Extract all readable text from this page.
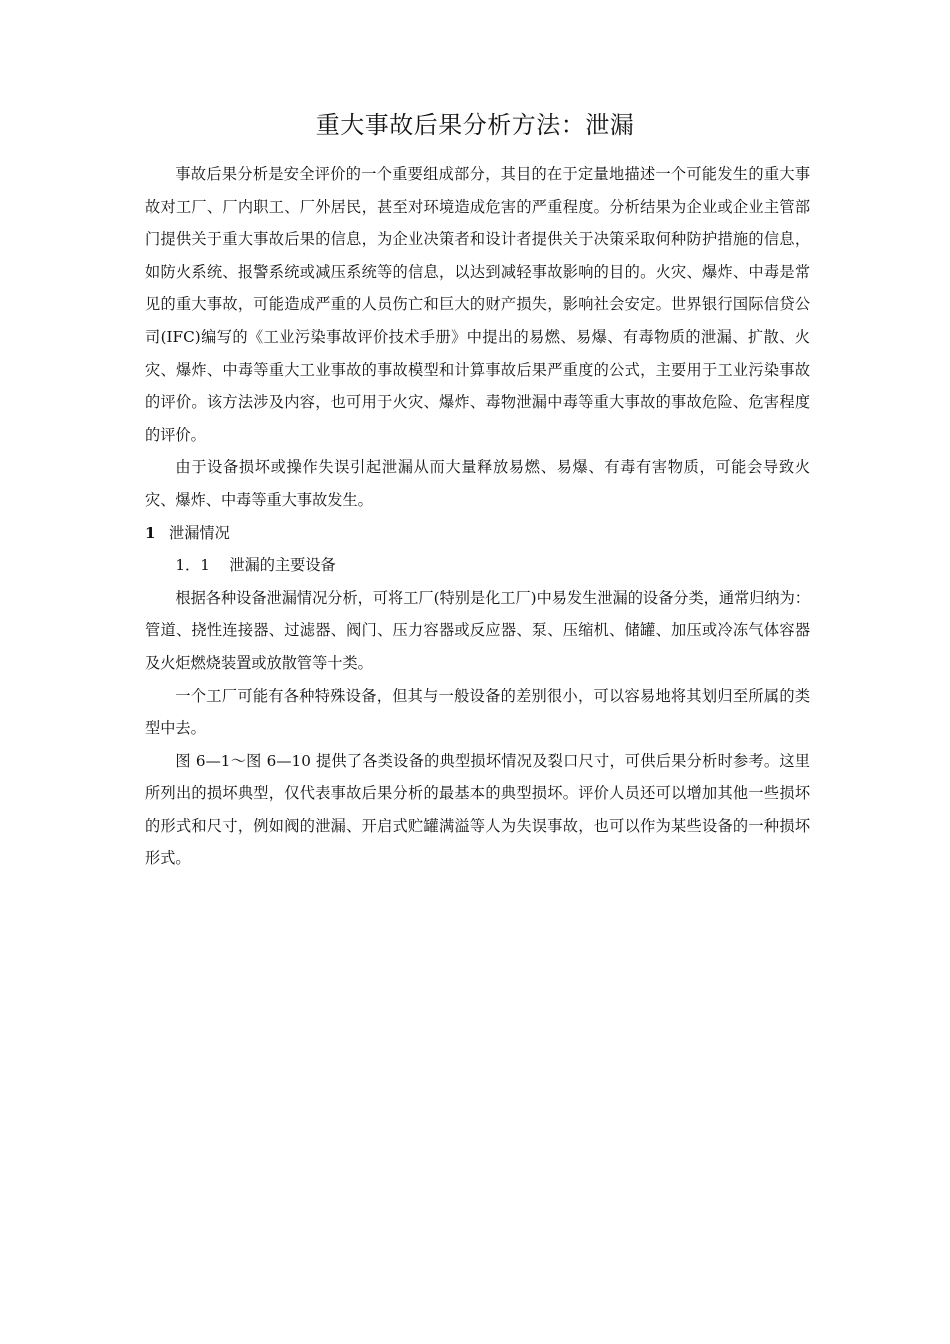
重大事故后果分析方法：泄漏

事故后果分析是安全评价的一个重要组成部分，其目的在于定量地描述一个可能发生的重大事故对工厂、厂内职工、厂外居民，甚至对环境造成危害的严重程度。分析结果为企业或企业主管部门提供关于重大事故后果的信息，为企业决策者和设计者提供关于决策采取何种防护措施的信息，如防火系统、报警系统或减压系统等的信息，以达到减轻事故影响的目的。火灾、爆炸、中毒是常见的重大事故，可能造成严重的人员伤亡和巨大的财产损失，影响社会安定。世界银行国际信贷公司(IFC)编写的《工业污染事故评价技术手册》中提出的易燃、易爆、有毒物质的泄漏、扩散、火灾、爆炸、中毒等重大工业事故的事故模型和计算事故后果严重度的公式，主要用于工业污染事故的评价。该方法涉及内容，也可用于火灾、爆炸、毒物泄漏中毒等重大事故的事故危险、危害程度的评价。

由于设备损坏或操作失误引起泄漏从而大量释放易燃、易爆、有毒有害物质，可能会导致火灾、爆炸、中毒等重大事故发生。

1 泄漏情况

1．1 泄漏的主要设备

根据各种设备泄漏情况分析，可将工厂(特别是化工厂)中易发生泄漏的设备分类，通常归纳为：管道、挠性连接器、过滤器、阀门、压力容器或反应器、泵、压缩机、储罐、加压或冷冻气体容器及火炬燃烧装置或放散管等十类。

一个工厂可能有各种特殊设备，但其与一般设备的差别很小，可以容易地将其划归至所属的类型中去。

图 6—1～图 6—10 提供了各类设备的典型损坏情况及裂口尺寸，可供后果分析时参考。这里所列出的损坏典型，仅代表事故后果分析的最基本的典型损坏。评价人员还可以增加其他一些损坏的形式和尺寸，例如阀的泄漏、开启式贮罐满溢等人为失误事故，也可以作为某些设备的一种损坏形式。
